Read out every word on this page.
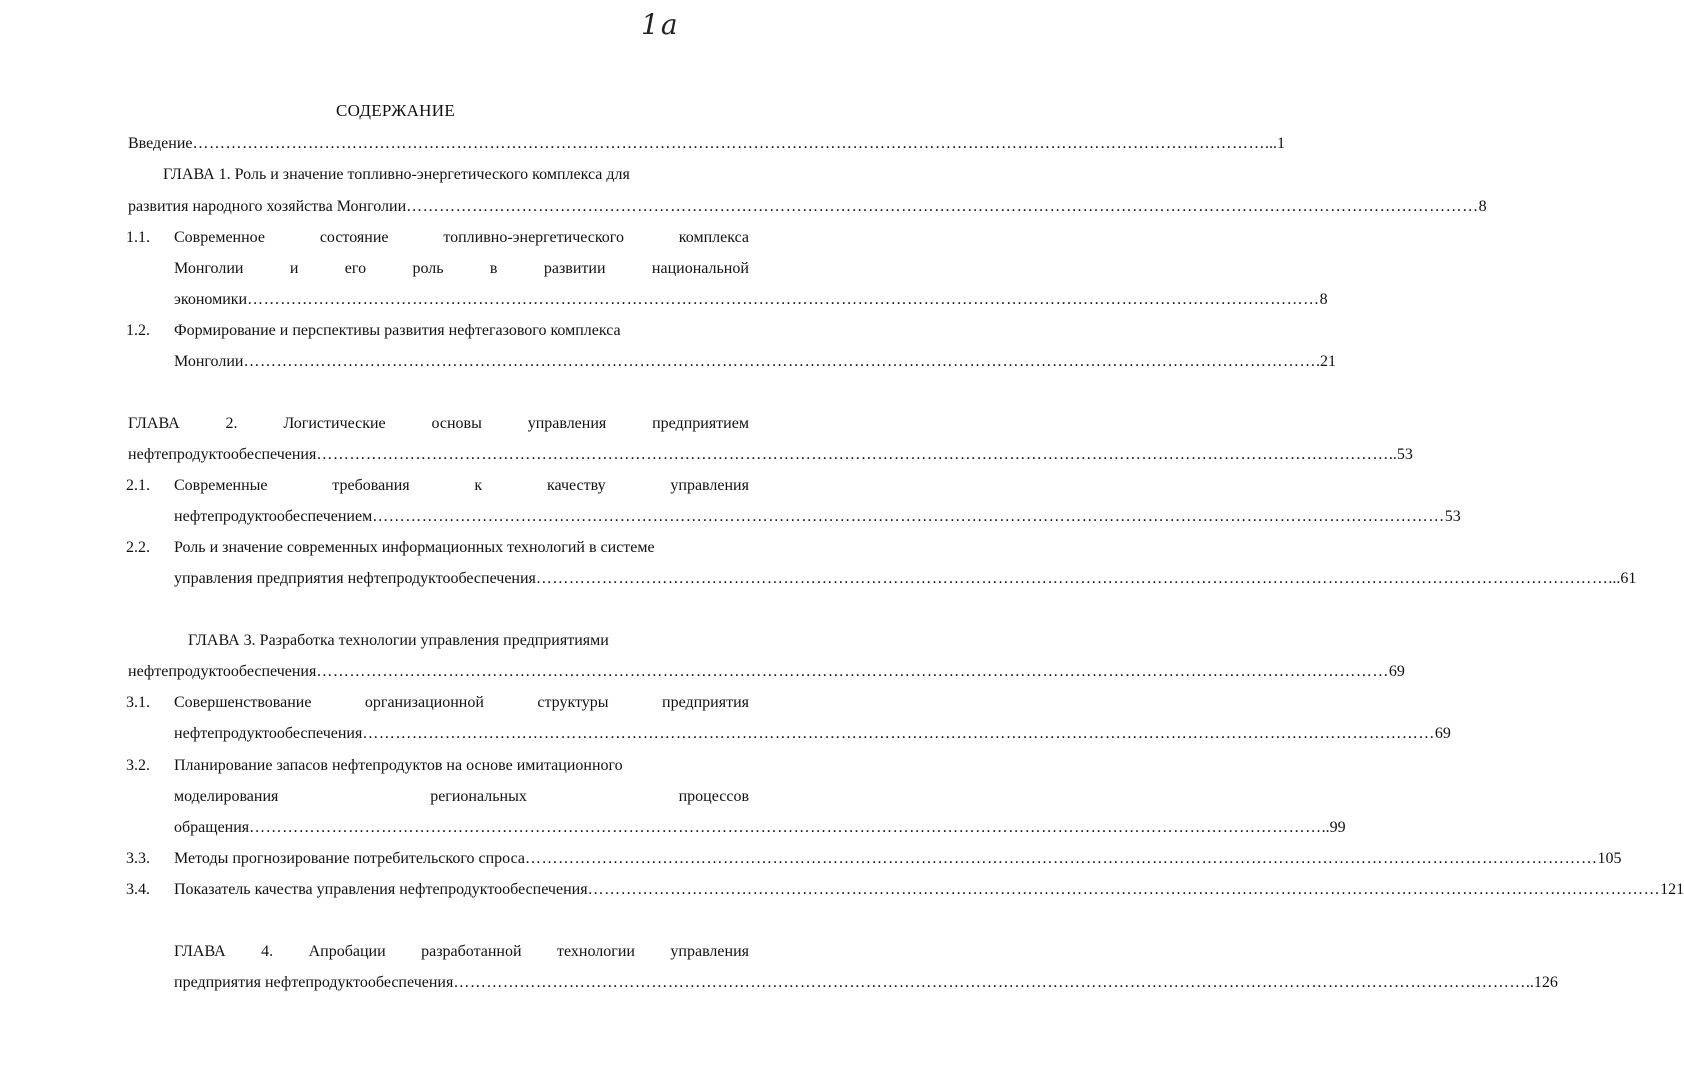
1a
СОДЕРЖАНИЕ
Введение …………………………………………………………………………………………………………………………………………………………………………… ...1
ГЛАВА 1. Роль и значение топливно-энергетического комплекса для
развития народного хозяйства Монголии …………………………………………………………………………………………………………………………………………………………………………… 8
1.1. Современное	состояние	топливно-энергетического	комплекса
Монголии	и	его	роль	в	развитии	национальной
экономики …………………………………………………………………………………………………………………………………………………………………………… 8
1.2. Формирование и перспективы развития нефтегазового комплекса
Монголии …………………………………………………………………………………………………………………………………………………………………………… .21
ГЛАВА	2.	Логистические	основы	управления	предприятием
нефтепродуктообеспечения …………………………………………………………………………………………………………………………………………………………………………… ..53
2.1. Современные	требования	к	качеству	управления
нефтепродуктообеспечением …………………………………………………………………………………………………………………………………………………………………………… 53
2.2. Роль и значение современных информационных технологий в системе
управления предприятия нефтепродуктообеспечения …………………………………………………………………………………………………………………………………………………………………………… ...61
ГЛАВА 3. Разработка технологии управления предприятиями
нефтепродуктообеспечения …………………………………………………………………………………………………………………………………………………………………………… 69
3.1. Совершенствование	организационной	структуры	предприятия
нефтепродуктообеспечения …………………………………………………………………………………………………………………………………………………………………………… 69
3.2. Планирование запасов нефтепродуктов на основе имитационного
моделирования	региональных	процессов
обращения …………………………………………………………………………………………………………………………………………………………………………… ..99
3.3. Методы прогнозирование потребительского спроса …………………………………………………………………………………………………………………………………………………………………………… 105
3.4. Показатель качества управления нефтепродуктообеспечения …………………………………………………………………………………………………………………………………………………………………………… 121
ГЛАВА 4. Апробации разработанной технологии управления
предприятия нефтепродуктообеспечения …………………………………………………………………………………………………………………………………………………………………………… ..126
